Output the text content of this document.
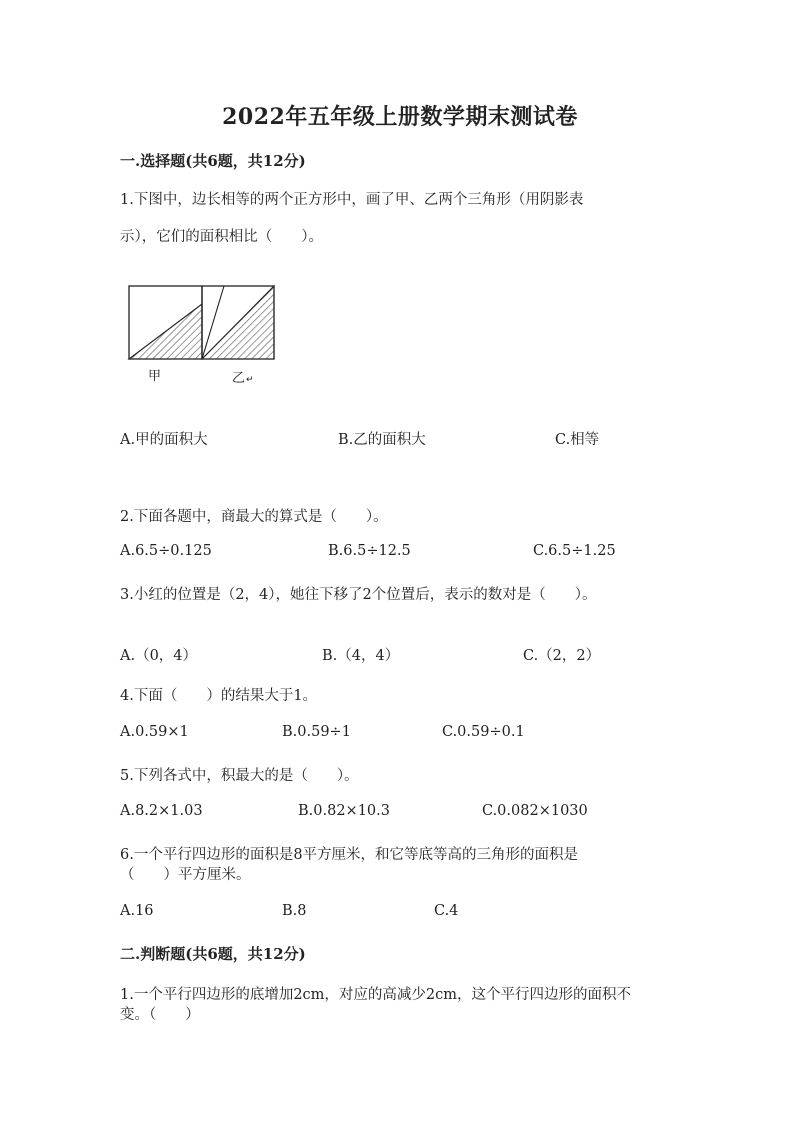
2022年五年级上册数学期末测试卷
一.选择题(共6题，共12分)
1.下图中，边长相等的两个正方形中，画了甲、乙两个三角形（用阴影表
示），它们的面积相比（　　）。
甲	乙 ↵
A.甲的面积大	B.乙的面积大	C.相等
2.下面各题中，商最大的算式是（　　）。
A.6.5÷0.125	B.6.5÷12.5	C.6.5÷1.25
3.小红的位置是（2，4），她往下移了2个位置后，表示的数对是（　　）。
A.（0，4）	B.（4，4）	C.（2，2）
4.下面（　　）的结果大于1。
A.0.59×1	B.0.59÷1	C.0.59÷0.1
5.下列各式中，积最大的是（　　）。
A.8.2×1.03	B.0.82×10.3	C.0.082×1030
6.一个平行四边形的面积是8平方厘米，和它等底等高的三角形的面积是
（　　）平方厘米。
A.16	B.8	C.4
二.判断题(共6题，共12分)
1.一个平行四边形的底增加2cm，对应的高减少2cm，这个平行四边形的面积不
变。（　　）
